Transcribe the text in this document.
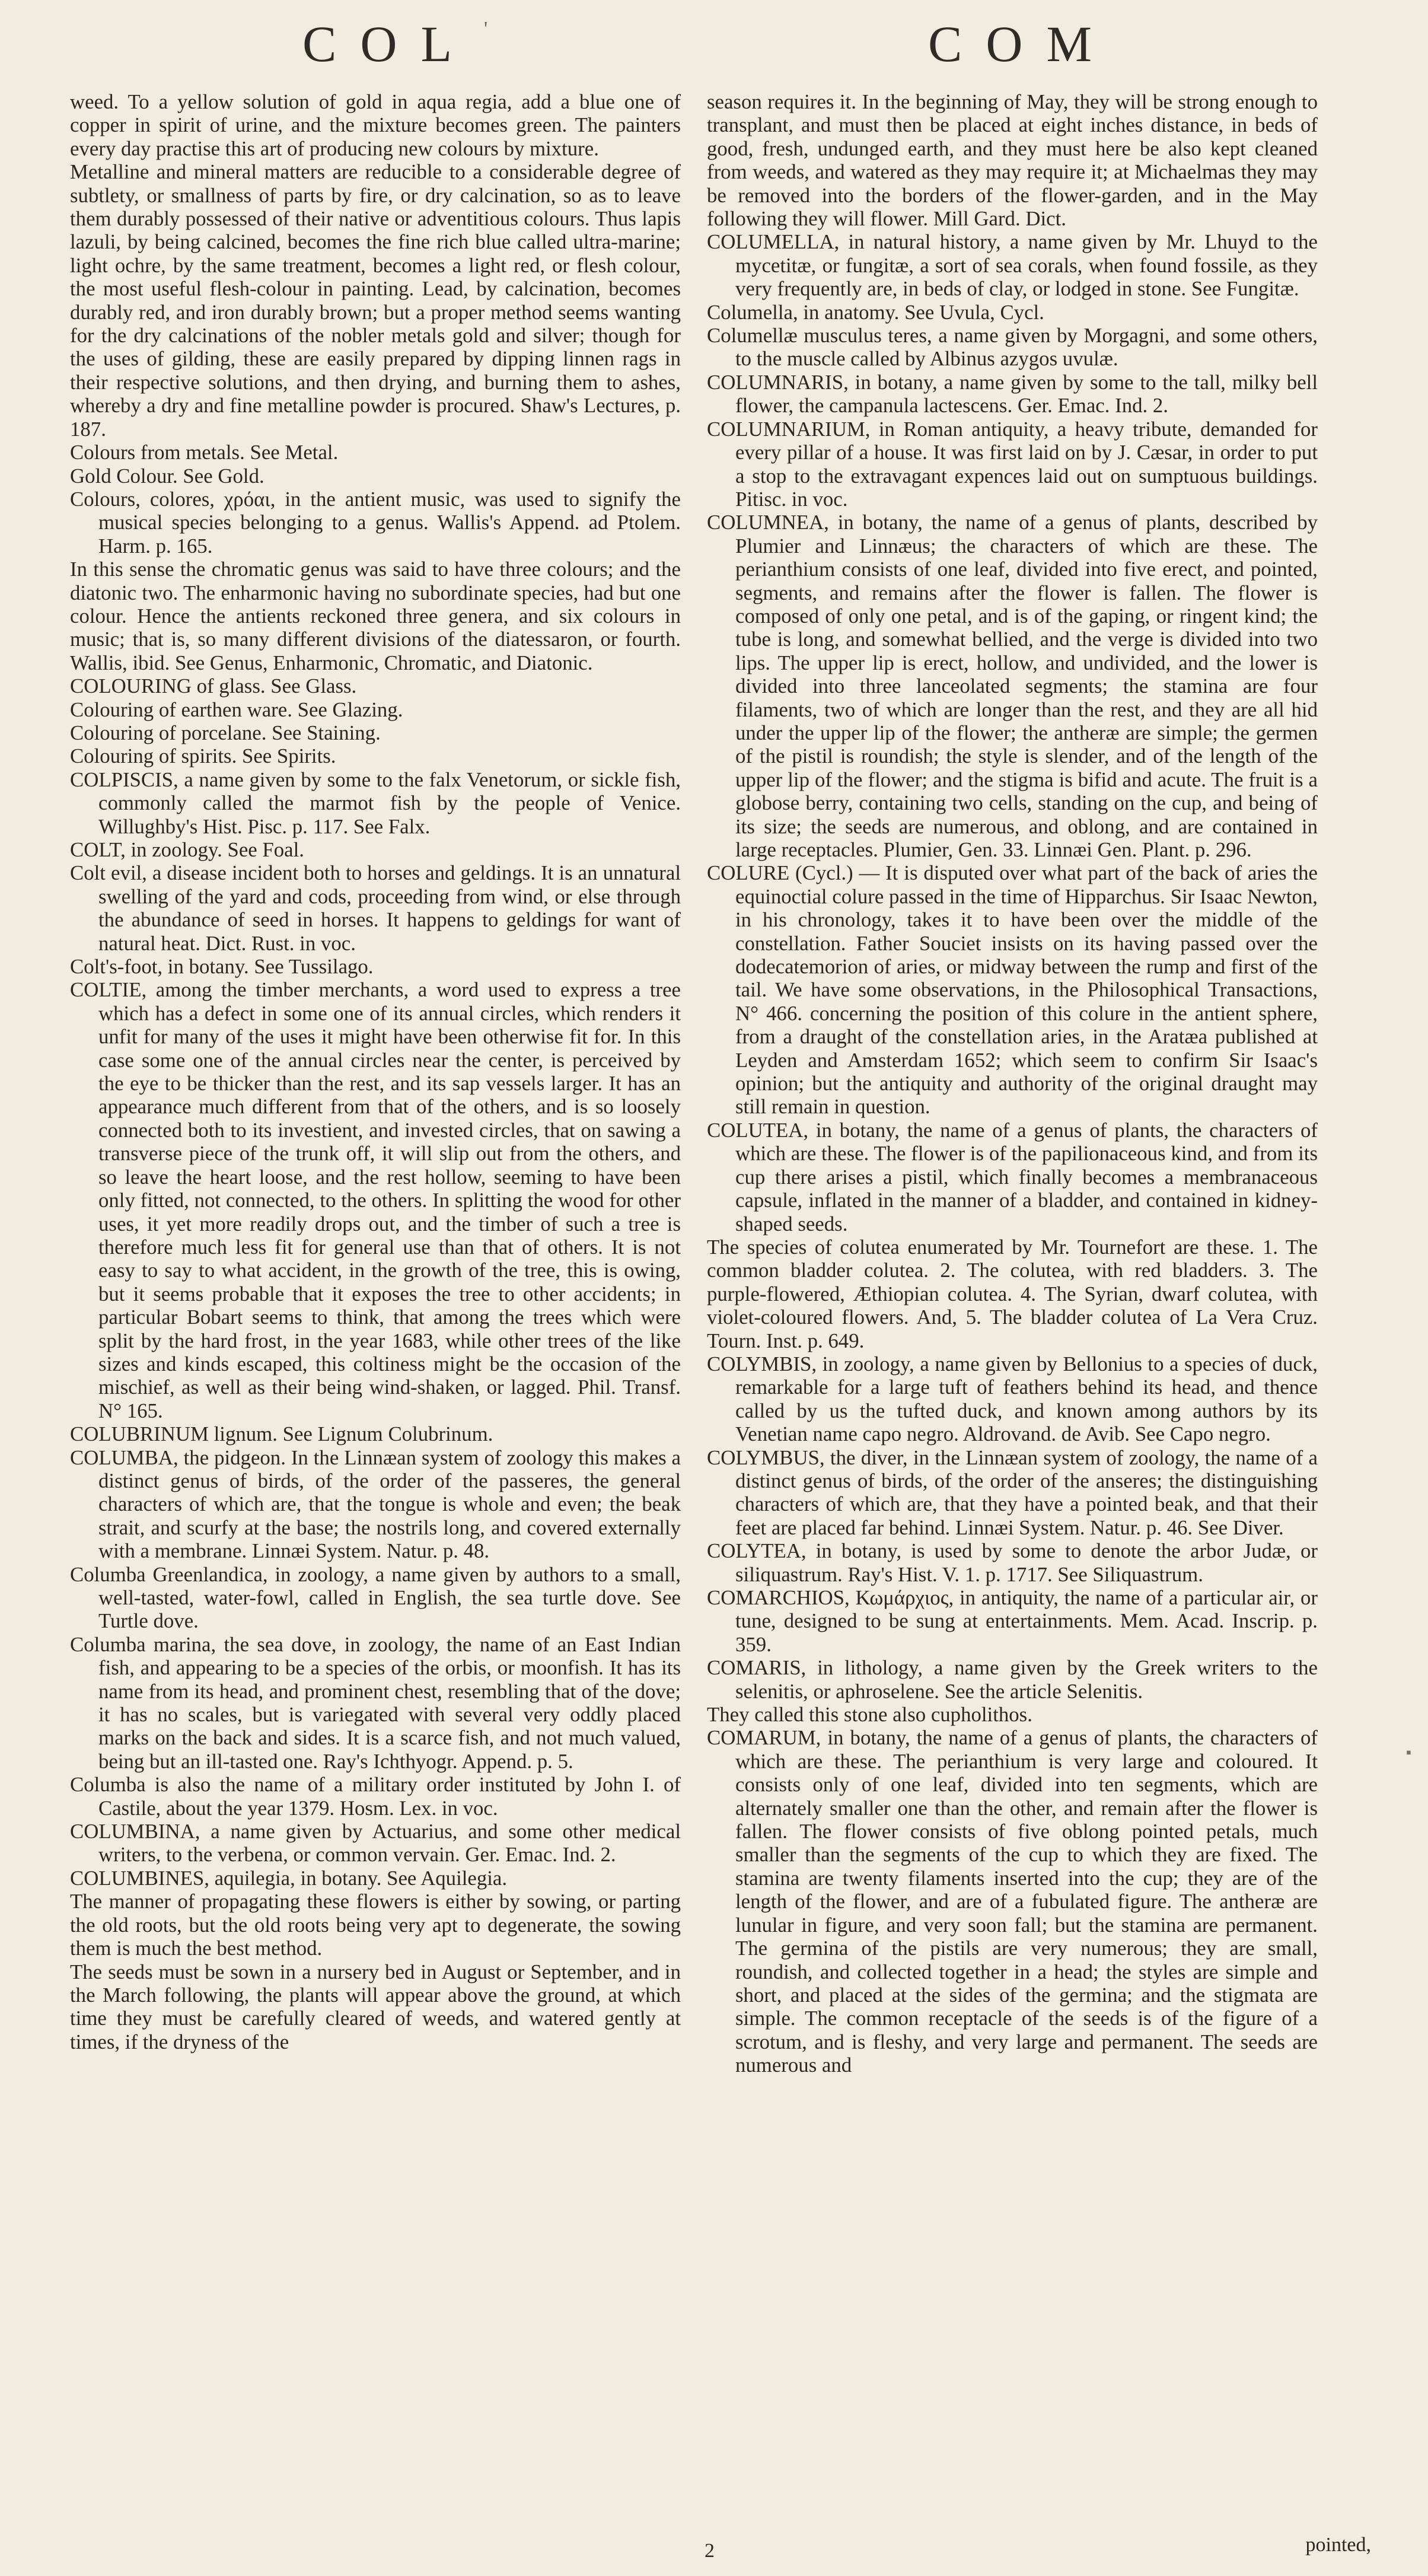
COL '	COM

weed. To a yellow solution of gold in aqua regia, add a blue one of copper in spirit of urine, and the mixture becomes green. The painters every day practise this art of producing new colours by mixture.

Metalline and mineral matters are reducible to a considerable degree of subtlety, or smallness of parts by fire, or dry calcination, so as to leave them durably possessed of their native or adventitious colours. Thus lapis lazuli, by being calcined, becomes the fine rich blue called ultra-marine; light ochre, by the same treatment, becomes a light red, or flesh colour, the most useful flesh-colour in painting. Lead, by calcination, becomes durably red, and iron durably brown; but a proper method seems wanting for the dry calcinations of the nobler metals gold and silver; though for the uses of gilding, these are easily prepared by dipping linnen rags in their respective solutions, and then drying, and burning them to ashes, whereby a dry and fine metalline powder is procured. Shaw's Lectures, p. 187.

Colours from metals. See Metal.

Gold Colour. See Gold.

Colours, colores, χρόαι, in the antient music, was used to signify the musical species belonging to a genus. Wallis's Append. ad Ptolem. Harm. p. 165.

In this sense the chromatic genus was said to have three colours; and the diatonic two. The enharmonic having no subordinate species, had but one colour. Hence the antients reckoned three genera, and six colours in music; that is, so many different divisions of the diatessaron, or fourth. Wallis, ibid. See Genus, Enharmonic, Chromatic, and Diatonic.

COLOURING of glass. See Glass.

Colouring of earthen ware. See Glazing.

Colouring of porcelane. See Staining.

Colouring of spirits. See Spirits.

COLPISCIS, a name given by some to the falx Venetorum, or sickle fish, commonly called the marmot fish by the people of Venice. Willughby's Hist. Pisc. p. 117. See Falx.

COLT, in zoology. See Foal.

Colt evil, a disease incident both to horses and geldings. It is an unnatural swelling of the yard and cods, proceeding from wind, or else through the abundance of seed in horses. It happens to geldings for want of natural heat. Dict. Rust. in voc.

Colt's-foot, in botany. See Tussilago.

COLTIE, among the timber merchants, a word used to express a tree which has a defect in some one of its annual circles, which renders it unfit for many of the uses it might have been otherwise fit for. In this case some one of the annual circles near the center, is perceived by the eye to be thicker than the rest, and its sap vessels larger. It has an appearance much different from that of the others, and is so loosely connected both to its investient, and invested circles, that on sawing a transverse piece of the trunk off, it will slip out from the others, and so leave the heart loose, and the rest hollow, seeming to have been only fitted, not connected, to the others. In splitting the wood for other uses, it yet more readily drops out, and the timber of such a tree is therefore much less fit for general use than that of others. It is not easy to say to what accident, in the growth of the tree, this is owing, but it seems probable that it exposes the tree to other accidents; in particular Bobart seems to think, that among the trees which were split by the hard frost, in the year 1683, while other trees of the like sizes and kinds escaped, this coltiness might be the occasion of the mischief, as well as their being wind-shaken, or lagged. Phil. Transf. N° 165.

COLUBRINUM lignum. See Lignum Colubrinum.

COLUMBA, the pidgeon. In the Linnæan system of zoology this makes a distinct genus of birds, of the order of the passeres, the general characters of which are, that the tongue is whole and even; the beak strait, and scurfy at the base; the nostrils long, and covered externally with a membrane. Linnæi System. Natur. p. 48.

Columba Greenlandica, in zoology, a name given by authors to a small, well-tasted, water-fowl, called in English, the sea turtle dove. See Turtle dove.

Columba marina, the sea dove, in zoology, the name of an East Indian fish, and appearing to be a species of the orbis, or moonfish. It has its name from its head, and prominent chest, resembling that of the dove; it has no scales, but is variegated with several very oddly placed marks on the back and sides. It is a scarce fish, and not much valued, being but an ill-tasted one. Ray's Ichthyogr. Append. p. 5.

Columba is also the name of a military order instituted by John I. of Castile, about the year 1379. Hosm. Lex. in voc.

COLUMBINA, a name given by Actuarius, and some other medical writers, to the verbena, or common vervain. Ger. Emac. Ind. 2.

COLUMBINES, aquilegia, in botany. See Aquilegia.

The manner of propagating these flowers is either by sowing, or parting the old roots, but the old roots being very apt to degenerate, the sowing them is much the best method.

The seeds must be sown in a nursery bed in August or September, and in the March following, the plants will appear above the ground, at which time they must be carefully cleared of weeds, and watered gently at times, if the dryness of the

season requires it. In the beginning of May, they will be strong enough to transplant, and must then be placed at eight inches distance, in beds of good, fresh, undunged earth, and they must here be also kept cleaned from weeds, and watered as they may require it; at Michaelmas they may be removed into the borders of the flower-garden, and in the May following they will flower. Mill Gard. Dict.

COLUMELLA, in natural history, a name given by Mr. Lhuyd to the mycetitæ, or fungitæ, a sort of sea corals, when found fossile, as they very frequently are, in beds of clay, or lodged in stone. See Fungitæ.

Columella, in anatomy. See Uvula, Cycl.

Columellæ musculus teres, a name given by Morgagni, and some others, to the muscle called by Albinus azygos uvulæ.

COLUMNARIS, in botany, a name given by some to the tall, milky bell flower, the campanula lactescens. Ger. Emac. Ind. 2.

COLUMNARIUM, in Roman antiquity, a heavy tribute, demanded for every pillar of a house. It was first laid on by J. Cæsar, in order to put a stop to the extravagant expences laid out on sumptuous buildings. Pitisc. in voc.

COLUMNEA, in botany, the name of a genus of plants, described by Plumier and Linnæus; the characters of which are these. The perianthium consists of one leaf, divided into five erect, and pointed, segments, and remains after the flower is fallen. The flower is composed of only one petal, and is of the gaping, or ringent kind; the tube is long, and somewhat bellied, and the verge is divided into two lips. The upper lip is erect, hollow, and undivided, and the lower is divided into three lanceolated segments; the stamina are four filaments, two of which are longer than the rest, and they are all hid under the upper lip of the flower; the antheræ are simple; the germen of the pistil is roundish; the style is slender, and of the length of the upper lip of the flower; and the stigma is bifid and acute. The fruit is a globose berry, containing two cells, standing on the cup, and being of its size; the seeds are numerous, and oblong, and are contained in large receptacles. Plumier, Gen. 33. Linnæi Gen. Plant. p. 296.

COLURE (Cycl.) — It is disputed over what part of the back of aries the equinoctial colure passed in the time of Hipparchus. Sir Isaac Newton, in his chronology, takes it to have been over the middle of the constellation. Father Souciet insists on its having passed over the dodecatemorion of aries, or midway between the rump and first of the tail. We have some observations, in the Philosophical Transactions, N° 466. concerning the position of this colure in the antient sphere, from a draught of the constellation aries, in the Aratæa published at Leyden and Amsterdam 1652; which seem to confirm Sir Isaac's opinion; but the antiquity and authority of the original draught may still remain in question.

COLUTEA, in botany, the name of a genus of plants, the characters of which are these. The flower is of the papilionaceous kind, and from its cup there arises a pistil, which finally becomes a membranaceous capsule, inflated in the manner of a bladder, and contained in kidney-shaped seeds.

The species of colutea enumerated by Mr. Tournefort are these. 1. The common bladder colutea. 2. The colutea, with red bladders. 3. The purple-flowered, Æthiopian colutea. 4. The Syrian, dwarf colutea, with violet-coloured flowers. And, 5. The bladder colutea of La Vera Cruz. Tourn. Inst. p. 649.

COLYMBIS, in zoology, a name given by Bellonius to a species of duck, remarkable for a large tuft of feathers behind its head, and thence called by us the tufted duck, and known among authors by its Venetian name capo negro. Aldrovand. de Avib. See Capo negro.

COLYMBUS, the diver, in the Linnæan system of zoology, the name of a distinct genus of birds, of the order of the anseres; the distinguishing characters of which are, that they have a pointed beak, and that their feet are placed far behind. Linnæi System. Natur. p. 46. See Diver.

COLYTEA, in botany, is used by some to denote the arbor Judæ, or siliquastrum. Ray's Hist. V. 1. p. 1717. See Siliquastrum.

COMARCHIOS, Κωμάρχιος, in antiquity, the name of a particular air, or tune, designed to be sung at entertainments. Mem. Acad. Inscrip. p. 359.

COMARIS, in lithology, a name given by the Greek writers to the selenitis, or aphroselene. See the article Selenitis.

They called this stone also cupholithos.

COMARUM, in botany, the name of a genus of plants, the characters of which are these. The perianthium is very large and coloured. It consists only of one leaf, divided into ten segments, which are alternately smaller one than the other, and remain after the flower is fallen. The flower consists of five oblong pointed petals, much smaller than the segments of the cup to which they are fixed. The stamina are twenty filaments inserted into the cup; they are of the length of the flower, and are of a fubulated figure. The antheræ are lunular in figure, and very soon fall; but the stamina are permanent. The germina of the pistils are very numerous; they are small, roundish, and collected together in a head; the styles are simple and short, and placed at the sides of the germina; and the stigmata are simple. The common receptacle of the seeds is of the figure of a scrotum, and is fleshy, and very large and permanent. The seeds are numerous and

2	pointed,
▪
